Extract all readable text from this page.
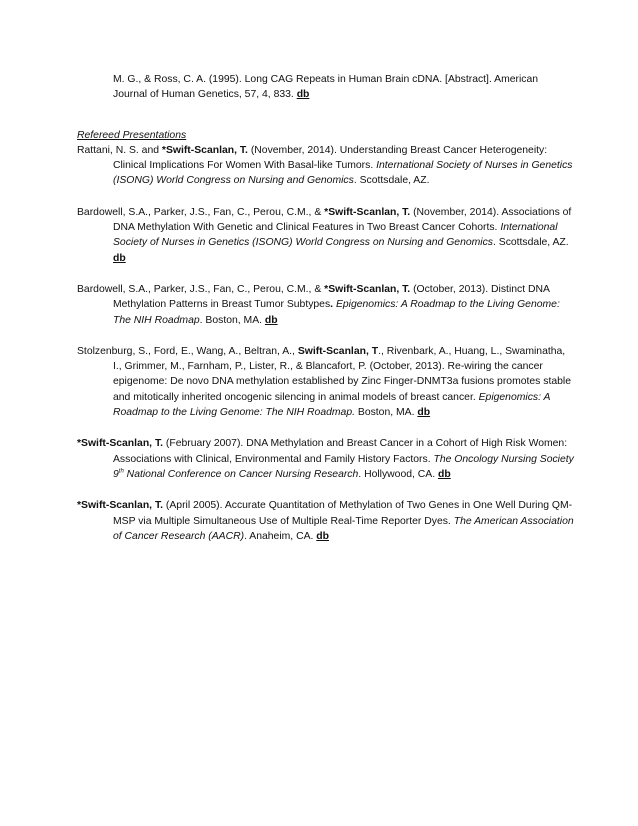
M. G., & Ross, C. A. (1995). Long CAG Repeats in Human Brain cDNA. [Abstract]. American
Journal of Human Genetics, 57, 4, 833. db

Refereed Presentations

Rattani, N. S. and *Swift-Scanlan, T. (November, 2014). Understanding Breast Cancer Heterogeneity: Clinical Implications For Women With Basal-like Tumors. International Society of Nurses in Genetics (ISONG) World Congress on Nursing and Genomics. Scottsdale, AZ.

Bardowell, S.A., Parker, J.S., Fan, C., Perou, C.M., & *Swift-Scanlan, T. (November, 2014). Associations of DNA Methylation With Genetic and Clinical Features in Two Breast Cancer Cohorts. International Society of Nurses in Genetics (ISONG) World Congress on Nursing and Genomics. Scottsdale, AZ. db

Bardowell, S.A., Parker, J.S., Fan, C., Perou, C.M., & *Swift-Scanlan, T. (October, 2013). Distinct DNA Methylation Patterns in Breast Tumor Subtypes. Epigenomics: A Roadmap to the Living Genome: The NIH Roadmap. Boston, MA. db

Stolzenburg, S., Ford, E., Wang, A., Beltran, A., Swift-Scanlan, T., Rivenbark, A., Huang, L., Swaminatha, I., Grimmer, M., Farnham, P., Lister, R., & Blancafort, P. (October, 2013). Re-wiring the cancer epigenome: De novo DNA methylation established by Zinc Finger-DNMT3a fusions promotes stable and mitotically inherited oncogenic silencing in animal models of breast cancer. Epigenomics: A Roadmap to the Living Genome: The NIH Roadmap. Boston, MA. db

*Swift-Scanlan, T. (February 2007). DNA Methylation and Breast Cancer in a Cohort of High Risk Women: Associations with Clinical, Environmental and Family History Factors. The Oncology Nursing Society 9th National Conference on Cancer Nursing Research. Hollywood, CA. db

*Swift-Scanlan, T. (April 2005). Accurate Quantitation of Methylation of Two Genes in One Well During QM-MSP via Multiple Simultaneous Use of Multiple Real-Time Reporter Dyes. The American Association of Cancer Research (AACR). Anaheim, CA. db
